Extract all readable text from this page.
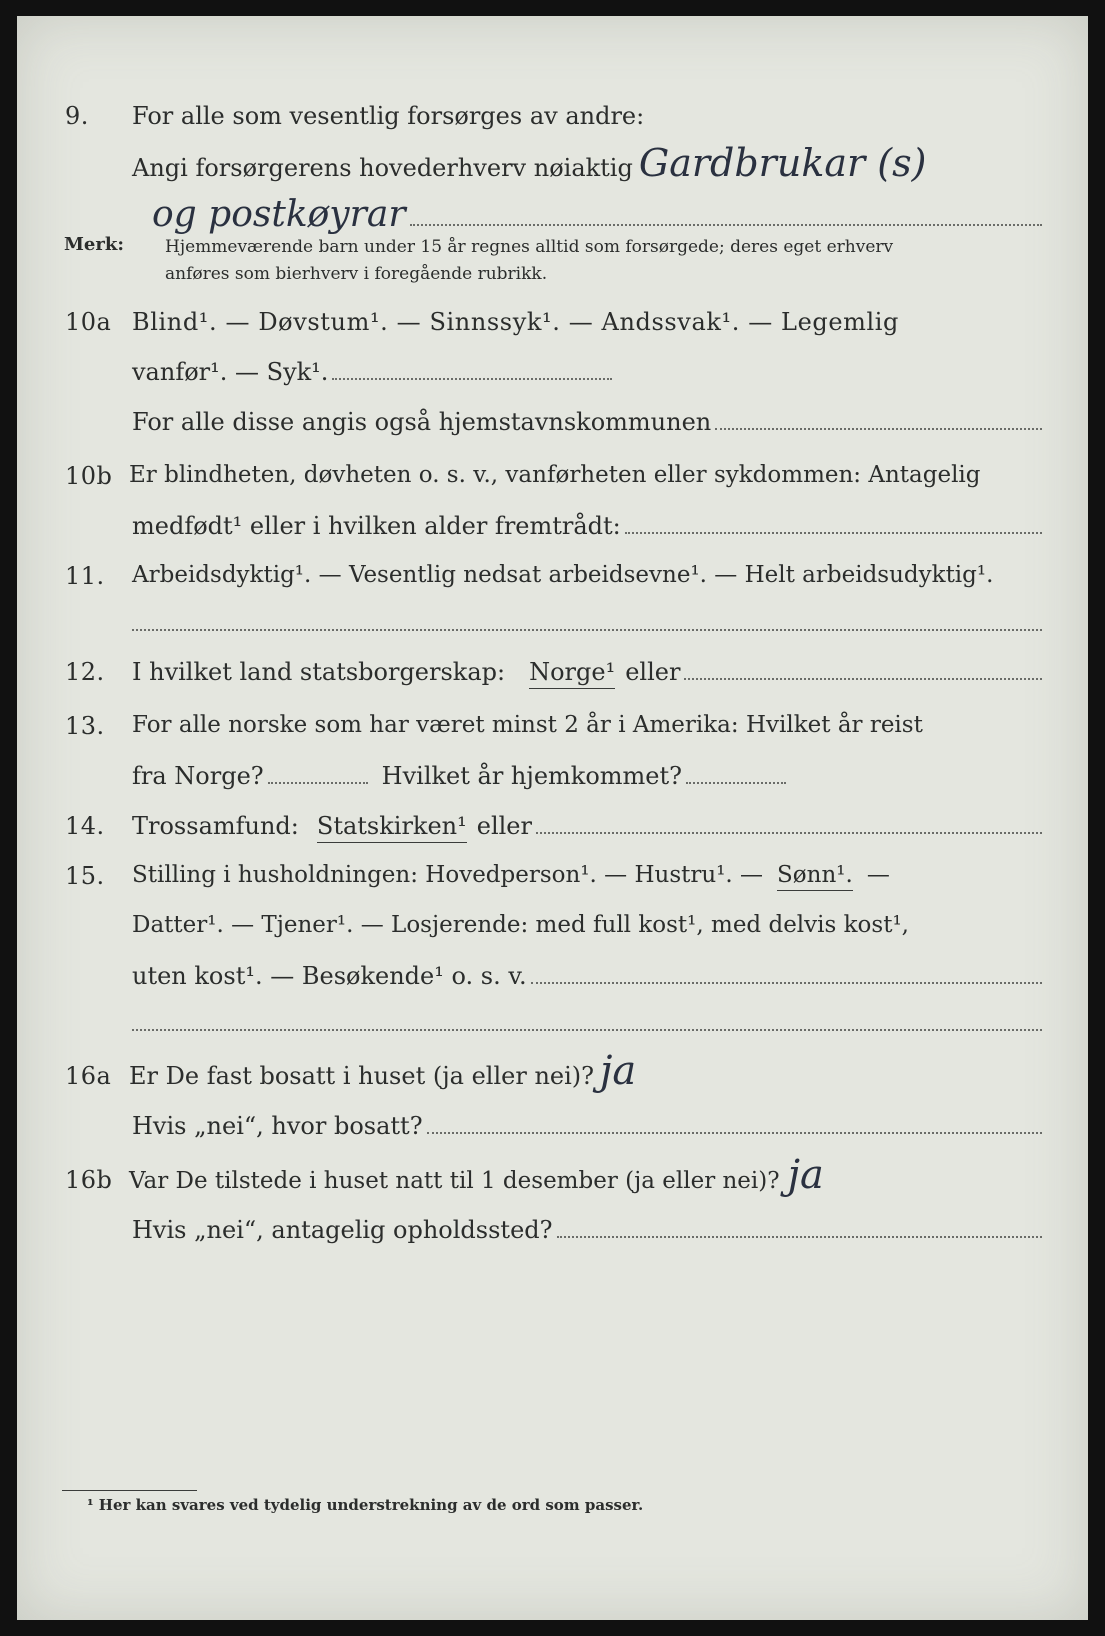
9. For alle som vesentlig forsørges av andre:
Angi forsørgerens hovederhverv nøiaktig Gardbrukar (s)
og postkøyrar
Merk: Hjemmeværende barn under 15 år regnes alltid som forsørgede; deres eget erhverv
anføres som bierhverv i foregående rubrikk.
10a Blind¹. — Døvstum¹. — Sinnssyk¹. — Andssvak¹. — Legemlig
vanfør¹. — Syk¹.
For alle disse angis også hjemstavnskommunen
10b Er blindheten, døvheten o. s. v., vanførheten eller sykdommen: Antagelig
medfødt¹ eller i hvilken alder fremtrådt:
11. Arbeidsdyktig¹. — Vesentlig nedsat arbeidsevne¹. — Helt arbeidsudyktig¹.
12. I hvilket land statsborgerskap: Norge¹ eller
13. For alle norske som har været minst 2 år i Amerika: Hvilket år reist
fra Norge?	Hvilket år hjemkommet?
14. Trossamfund: Statskirken¹ eller
15. Stilling i husholdningen: Hovedperson¹. — Hustru¹. — Sønn¹. —
Datter¹. — Tjener¹. — Losjerende: med full kost¹, med delvis kost¹,
uten kost¹. — Besøkende¹ o. s. v.
16a Er De fast bosatt i huset (ja eller nei)? ja
Hvis „nei“, hvor bosatt?
16b Var De tilstede i huset natt til 1 desember (ja eller nei)? ja
Hvis „nei“, antagelig opholdssted?
¹ Her kan svares ved tydelig understrekning av de ord som passer.
